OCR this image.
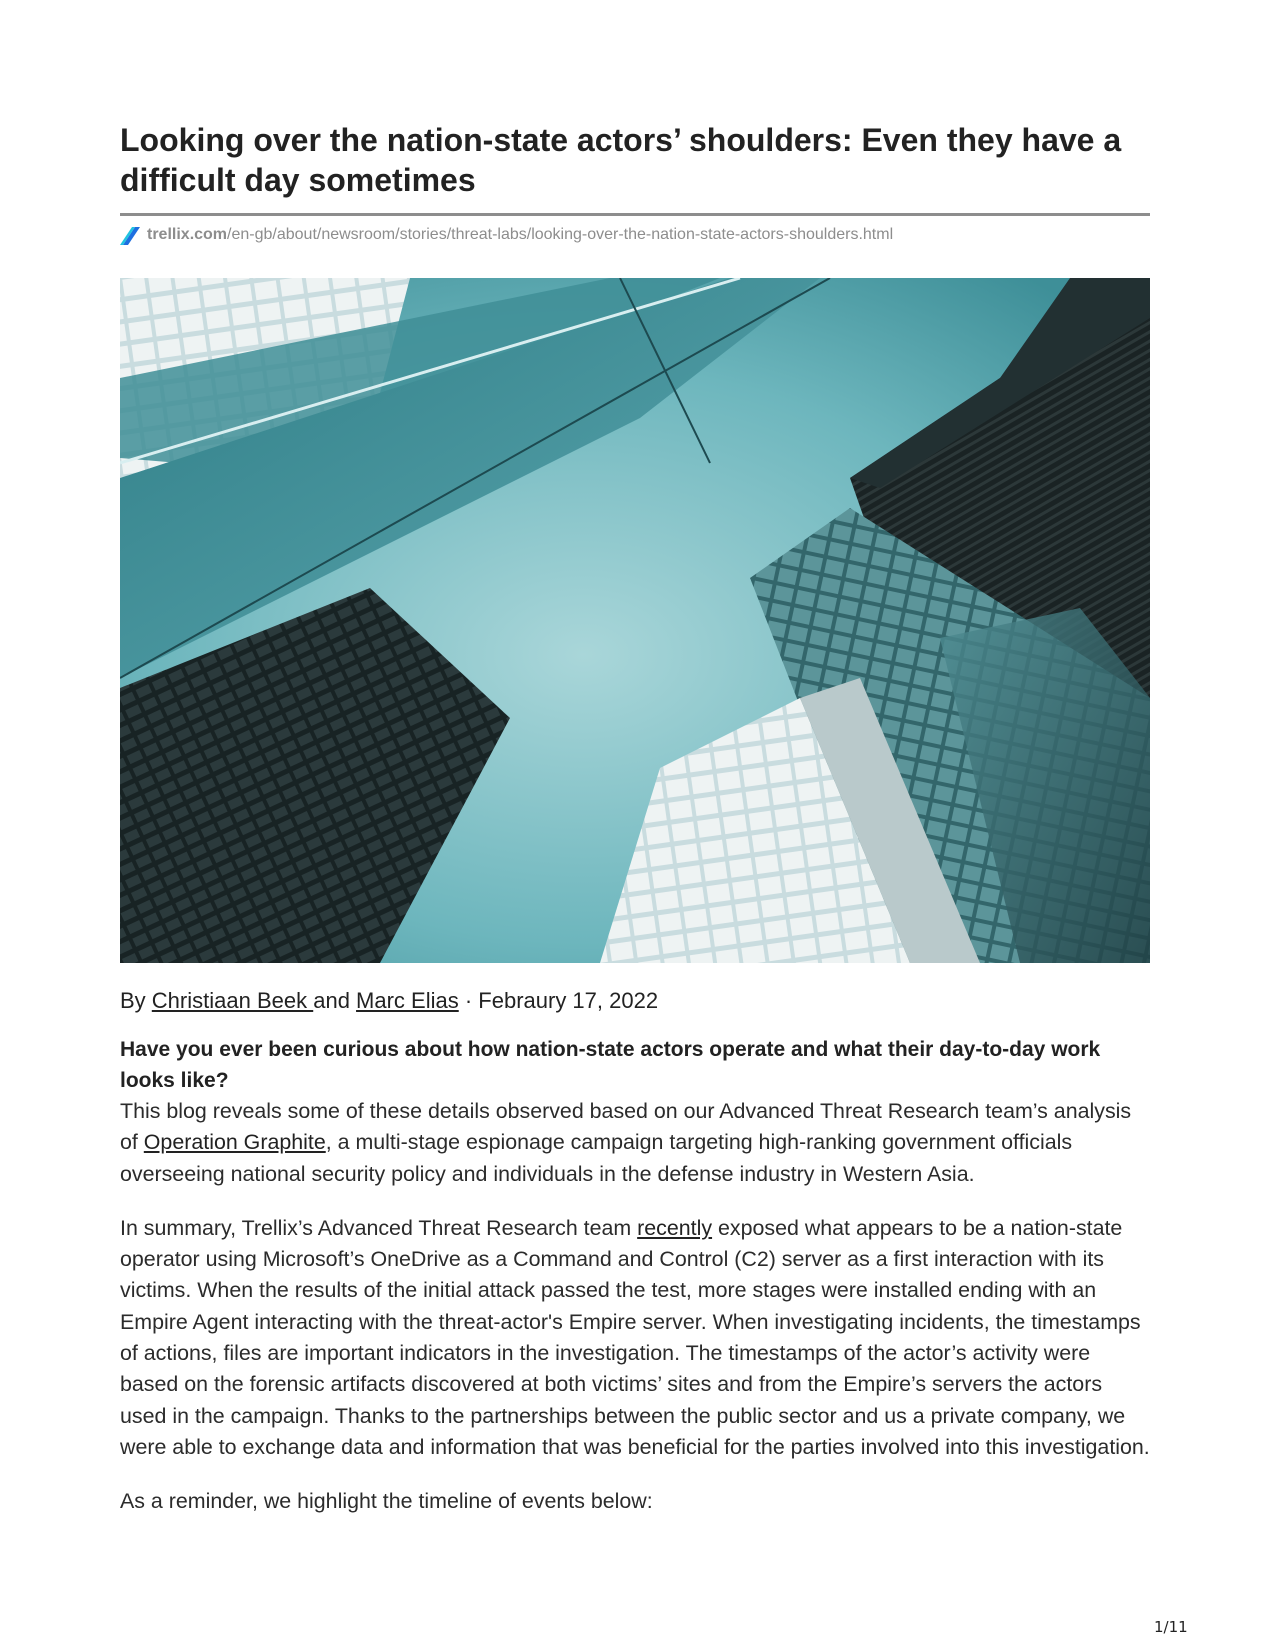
Looking over the nation-state actors’ shoulders: Even they have a difficult day sometimes
trellix.com /en-gb/about/newsroom/stories/threat-labs/looking-over-the-nation-state-actors-shoulders.html
By Christiaan Beek and Marc Elias · Febraury 17, 2022
Have you ever been curious about how nation-state actors operate and what their day-to-day work looks like?

This blog reveals some of these details observed based on our Advanced Threat Research team’s analysis of Operation Graphite, a multi-stage espionage campaign targeting high-ranking government officials overseeing national security policy and individuals in the defense industry in Western Asia.

In summary, Trellix’s Advanced Threat Research team recently exposed what appears to be a nation-state operator using Microsoft’s OneDrive as a Command and Control (C2) server as a first interaction with its victims. When the results of the initial attack passed the test, more stages were installed ending with an Empire Agent interacting with the threat-actor's Empire server. When investigating incidents, the timestamps of actions, files are important indicators in the investigation. The timestamps of the actor’s activity were based on the forensic artifacts discovered at both victims’ sites and from the Empire’s servers the actors used in the campaign. Thanks to the partnerships between the public sector and us a private company, we were able to exchange data and information that was beneficial for the parties involved into this investigation.

As a reminder, we highlight the timeline of events below:

1/11
